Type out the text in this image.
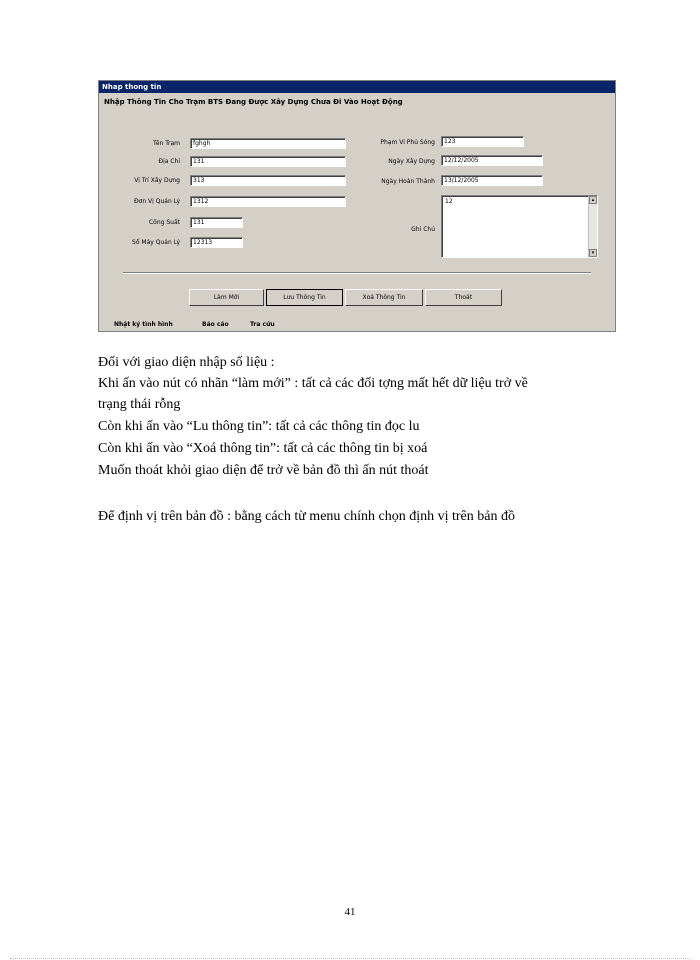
Nhap thong tin
Nhập Thông Tin Cho Trạm BTS Đang Được Xây Dựng Chưa Đi Vào Hoạt Động
Tên Trạm	fghgh
Địa Chỉ	131
Vị Trí Xây Dựng	313
Đơn Vị Quản Lý	1312
Công Suất	131
Số Máy Quản Lý	12313
Phạm Vi Phủ Sóng	123
Ngày Xây Dựng	12/12/2005
Ngày Hoàn Thành	13/12/2005
Ghi Chú
12	▴
▾
Làm Mới	Lưu Thông Tin	Xoá Thông Tin	Thoát
Nhật ký tình hình	Báo cáo	Tra cứu
Đối với giao diện nhập số liệu :
Khi ấn vào nút có nhãn “làm mới” : tất cả các đối tợng mất hết dữ liệu trở về
trạng thái rỗng
Còn khi ấn vào “Lu thông tin”: tất cả các thông tin đọc lu
Còn khi ấn vào “Xoá thông tin”: tất cả các thông tin bị xoá
Muốn thoát khỏi giao diện để trở về bản đồ thì ấn nút thoát
Để định vị trên bản đồ : bằng cách từ menu chính chọn định vị trên bản đồ
41
